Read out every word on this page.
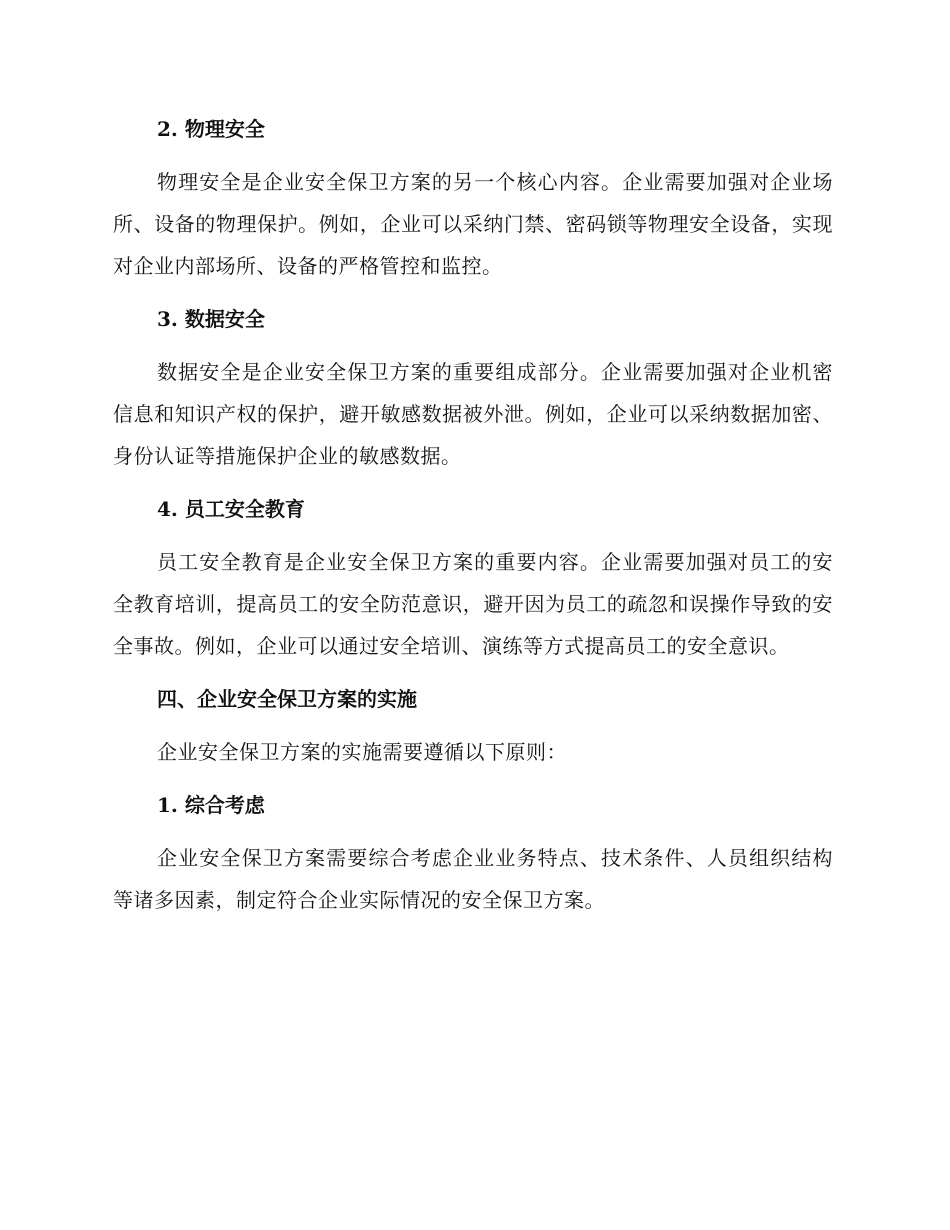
2. 物理安全
物理安全是企业安全保卫方案的另一个核心内容。企业需要加强对企业场所、设备的物理保护。例如，企业可以采纳门禁、密码锁等物理安全设备，实现对企业内部场所、设备的严格管控和监控。
3. 数据安全
数据安全是企业安全保卫方案的重要组成部分。企业需要加强对企业机密信息和知识产权的保护，避开敏感数据被外泄。例如，企业可以采纳数据加密、身份认证等措施保护企业的敏感数据。
4. 员工安全教育
员工安全教育是企业安全保卫方案的重要内容。企业需要加强对员工的安全教育培训，提高员工的安全防范意识，避开因为员工的疏忽和误操作导致的安全事故。例如，企业可以通过安全培训、演练等方式提高员工的安全意识。
四、企业安全保卫方案的实施
企业安全保卫方案的实施需要遵循以下原则：
1. 综合考虑
企业安全保卫方案需要综合考虑企业业务特点、技术条件、人员组织结构等诸多因素，制定符合企业实际情况的安全保卫方案。
